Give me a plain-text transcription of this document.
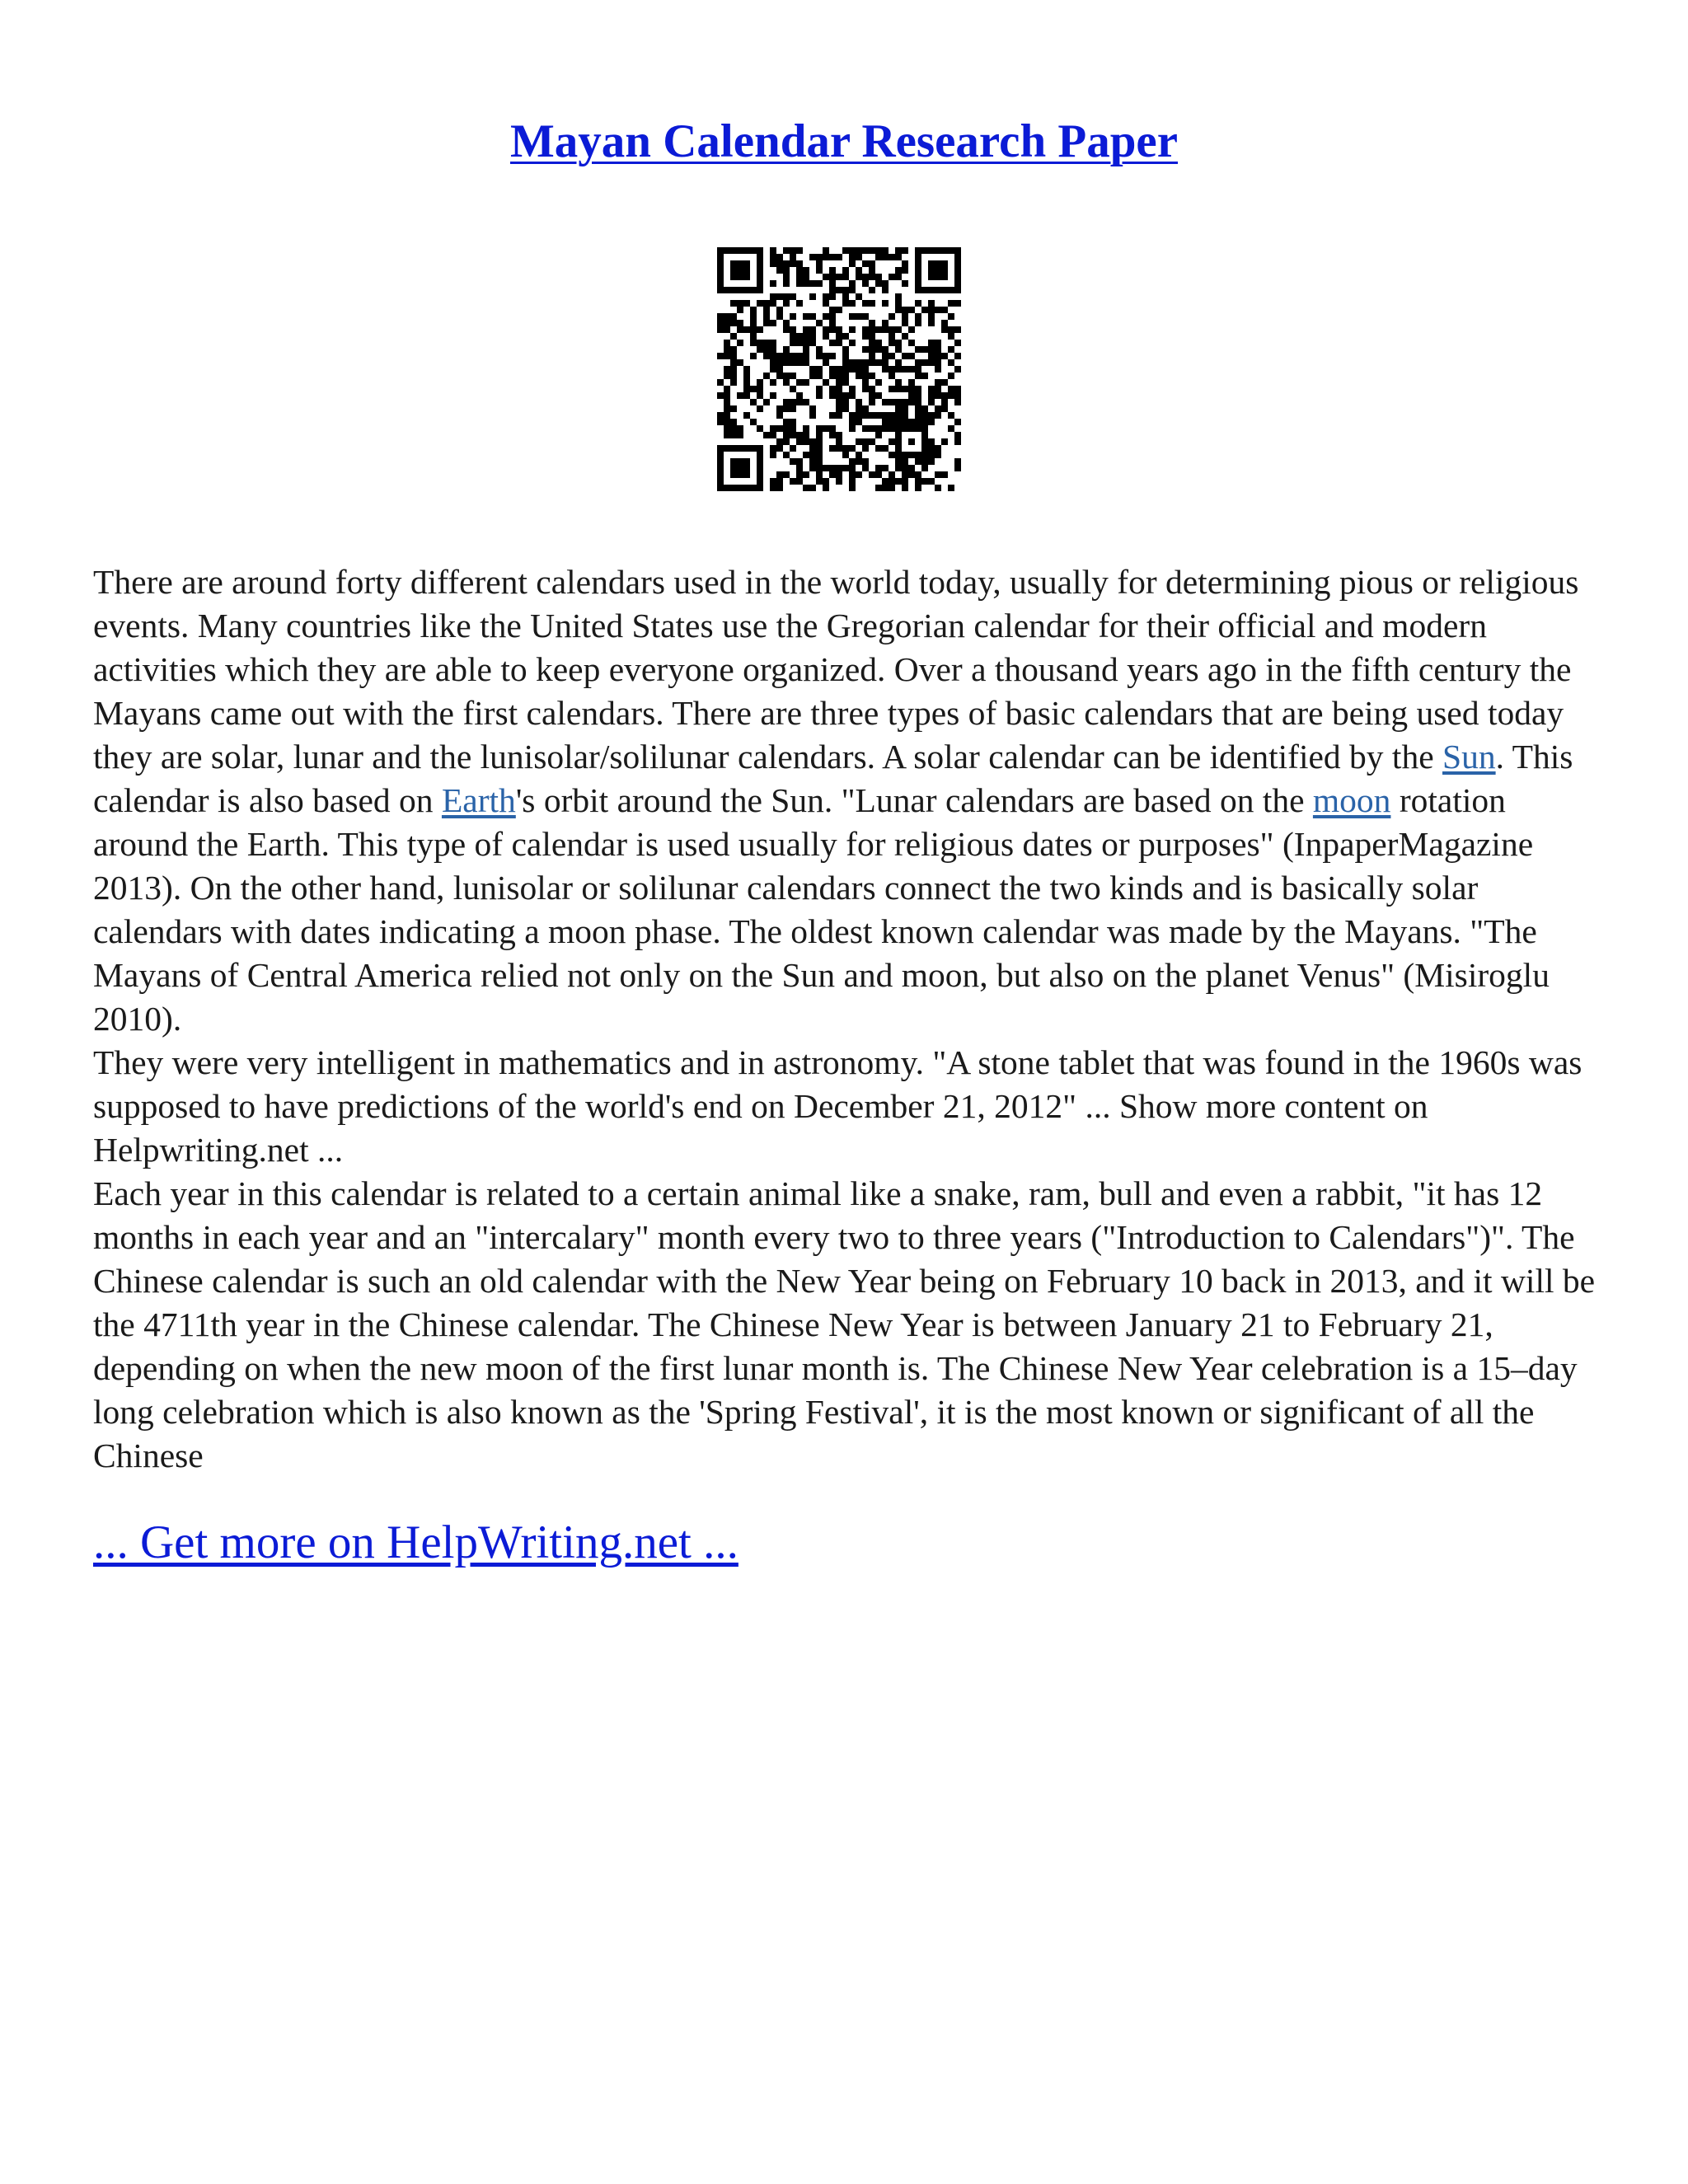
Mayan Calendar Research Paper

There are around forty different calendars used in the world today, usually for determining pious or religious events. Many countries like the United States use the Gregorian calendar for their official and modern activities which they are able to keep everyone organized. Over a thousand years ago in the fifth century the Mayans came out with the first calendars. There are three types of basic calendars that are being used today they are solar, lunar and the lunisolar/solilunar calendars. A solar calendar can be identified by the Sun. This calendar is also based on Earth's orbit around the Sun. "Lunar calendars are based on the moon rotation around the Earth. This type of calendar is used usually for religious dates or purposes" (InpaperMagazine 2013). On the other hand, lunisolar or solilunar calendars connect the two kinds and is basically solar calendars with dates indicating a moon phase. The oldest known calendar was made by the Mayans. "The Mayans of Central America relied not only on the Sun and moon, but also on the planet Venus" (Misiroglu 2010).

They were very intelligent in mathematics and in astronomy. "A stone tablet that was found in the 1960s was supposed to have predictions of the world's end on December 21, 2012" ... Show more content on Helpwriting.net ...

Each year in this calendar is related to a certain animal like a snake, ram, bull and even a rabbit, "it has 12 months in each year and an "intercalary" month every two to three years ("Introduction to Calendars")". The Chinese calendar is such an old calendar with the New Year being on February 10 back in 2013, and it will be the 4711th year in the Chinese calendar. The Chinese New Year is between January 21 to February 21, depending on when the new moon of the first lunar month is. The Chinese New Year celebration is a 15–day long celebration which is also known as the 'Spring Festival', it is the most known or significant of all the Chinese

... Get more on HelpWriting.net ...
